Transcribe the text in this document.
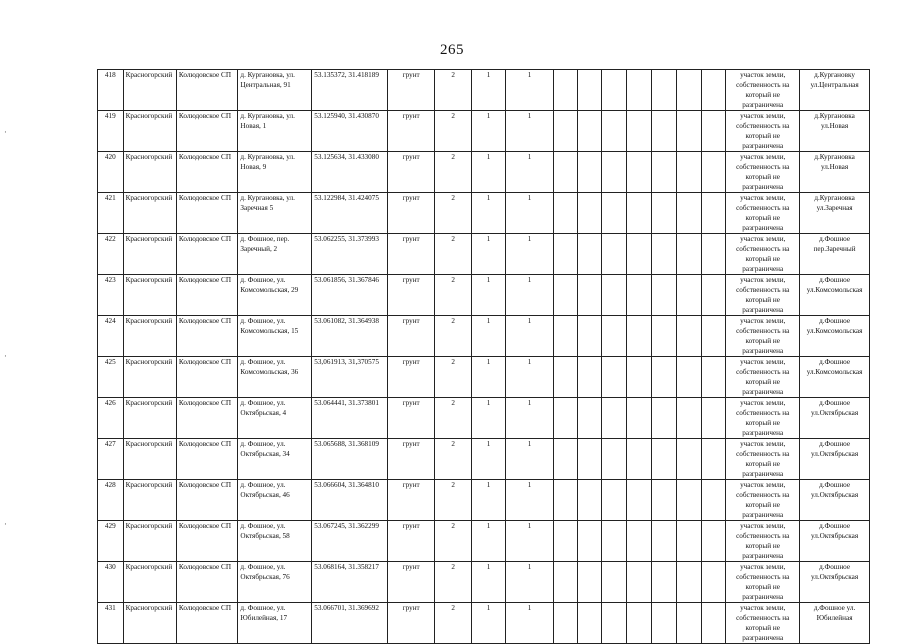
265
·
·
·
418	Красногорский	Колюдовское СП	д. Кургановка, ул. Центральная, 91	53.135372, 31.418189	грунт	2	1	1								участок земли, собственность на который не разграничена	д.Кургановку ул.Центральная
419	Красногорский	Колюдовское СП	д. Кургановка, ул. Новая, 1	53.125940, 31.430870	грунт	2	1	1								участок земли, собственность на который не разграничена	д.Кургановка ул.Новая
420	Красногорский	Колюдовское СП	д. Кургановка, ул. Новая, 9	53.125634, 31.433080	грунт	2	1	1								участок земли, собственность на который не разграничена	д.Кургановка ул.Новая
421	Красногорский	Колюдовское СП	д. Кургановка, ул. Заречная 5	53.122984, 31.424075	грунт	2	1	1								участок земли, собственность на который не разграничена	д.Кургановка ул.Заречная
422	Красногорский	Колюдовское СП	д. Фошное, пер. Заречный, 2	53.062255, 31.373993	грунт	2	1	1								участок земли, собственность на который не разграничена	д.Фошное пер.Заречный
423	Красногорский	Колюдовское СП	д. Фошное, ул. Комсомольская, 29	53.061856, 31.367846	грунт	2	1	1								участок земли, собственность на который не разграничена	д.Фошное ул.Комсомольская
424	Красногорский	Колюдовское СП	д. Фошное, ул. Комсомольская, 15	53.061082, 31.364938	грунт	2	1	1								участок земли, собственность на который не разграничена	д.Фошное ул.Комсомольская
425	Красногорский	Колюдовское СП	д. Фошное, ул. Комсомольская, 36	53,061913, 31,370575	грунт	2	1	1								участок земли, собственность на который не разграничена	д.Фошное ул.Комсомольская
426	Красногорский	Колюдовское СП	д. Фошное, ул. Октябрьская, 4	53.064441, 31.373801	грунт	2	1	1								участок земли, собственность на который не разграничена	д.Фошное ул.Октябрьская
427	Красногорский	Колюдовское СП	д. Фошное, ул. Октябрьская, 34	53.065688, 31.368109	грунт	2	1	1								участок земли, собственность на который не разграничена	д.Фошное ул.Октябрьская
428	Красногорский	Колюдовское СП	д. Фошное, ул. Октябрьская, 46	53.066604, 31.364810	грунт	2	1	1								участок земли, собственность на который не разграничена	д.Фошное ул.Октябрьская
429	Красногорский	Колюдовское СП	д. Фошное, ул. Октябрьская, 58	53.067245, 31.362299	грунт	2	1	1								участок земли, собственность на который не разграничена	д.Фошное ул.Октябрьская
430	Красногорский	Колюдовское СП	д. Фошное, ул. Октябрьская, 76	53.068164, 31.358217	грунт	2	1	1								участок земли, собственность на который не разграничена	д.Фошное ул.Октябрьская
431	Красногорский	Колюдовское СП	д. Фошное, ул. Юбилейная, 17	53.066701, 31.369692	грунт	2	1	1								участок земли, собственность на который не разграничена	д.Фошное ул. Юбилейная
